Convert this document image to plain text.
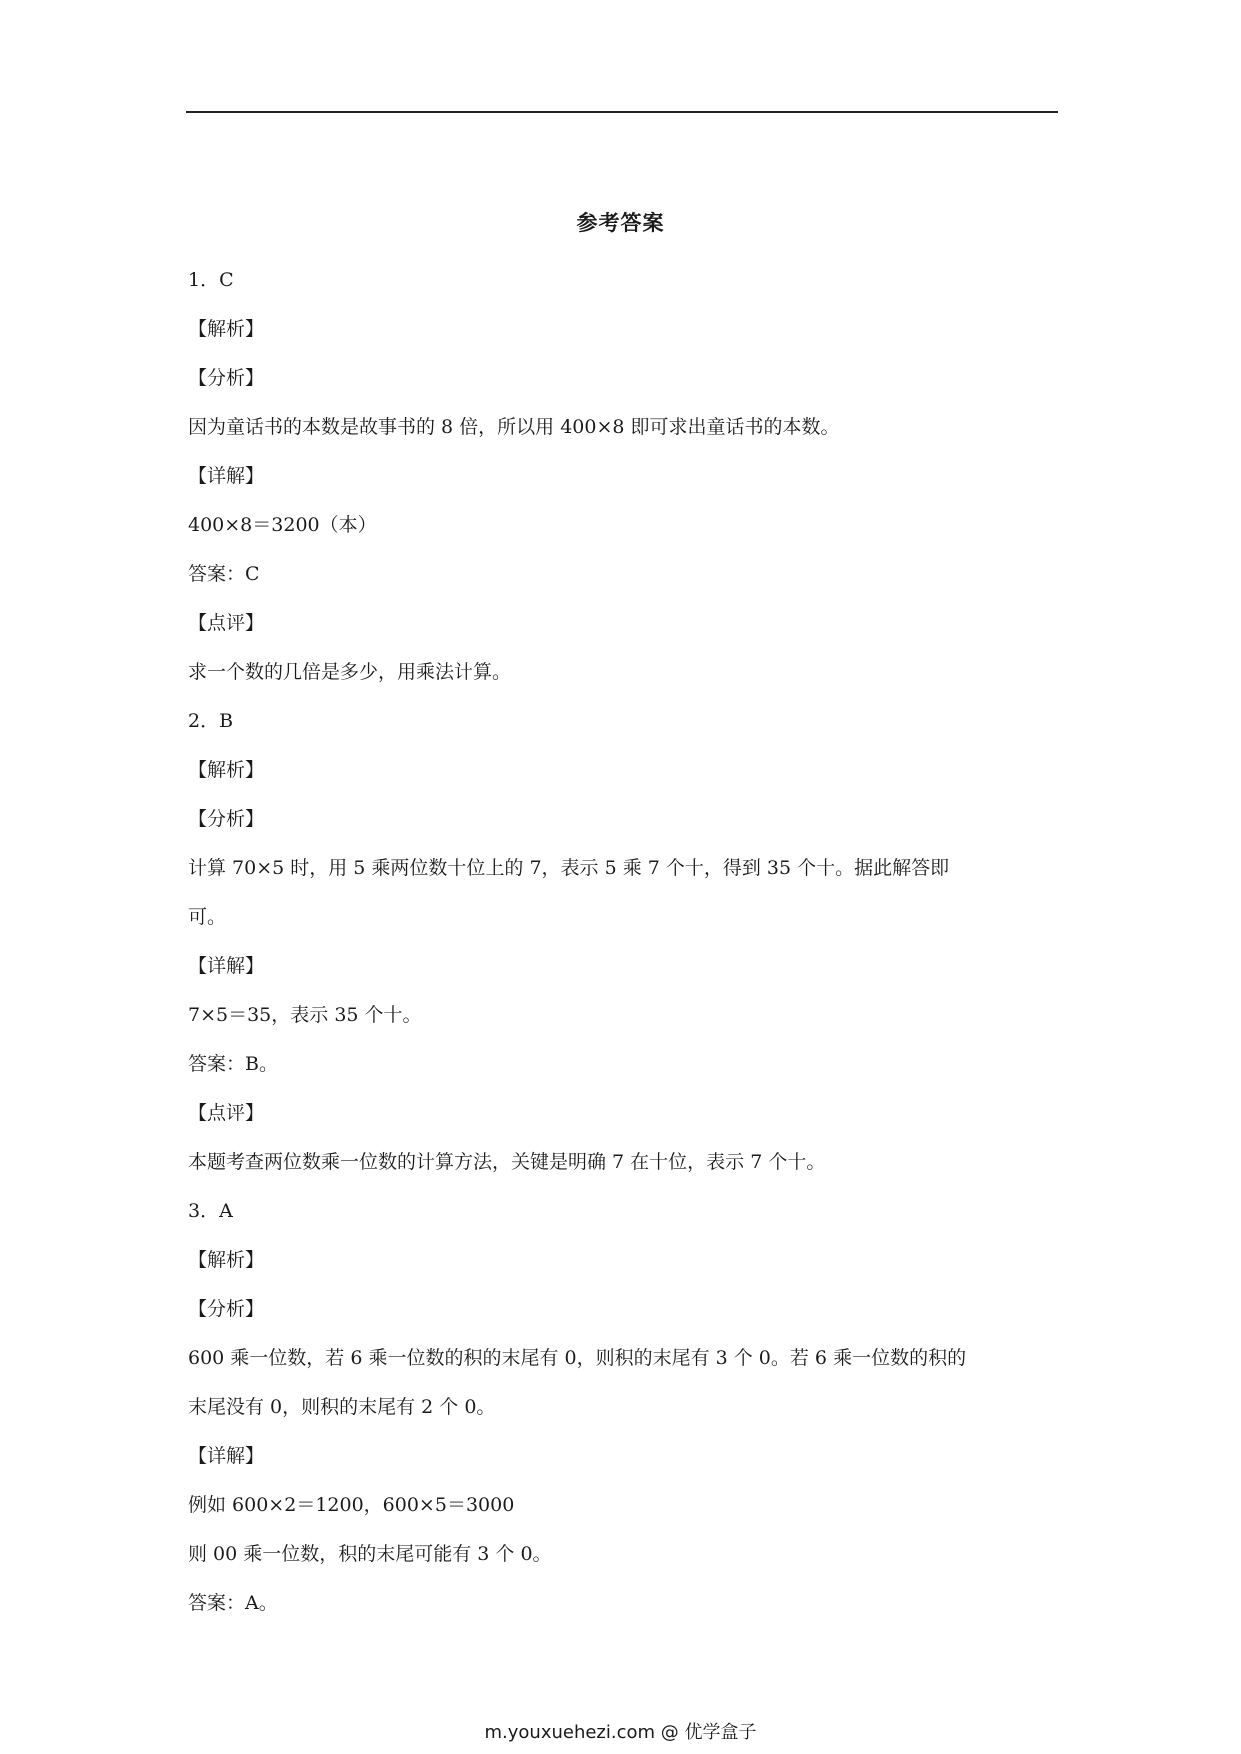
参考答案

1．C

【解析】

【分析】

因为童话书的本数是故事书的 8 倍，所以用 400×8 即可求出童话书的本数。

【详解】

400×8＝3200（本）

答案：C

【点评】

求一个数的几倍是多少，用乘法计算。

2．B

【解析】

【分析】

计算 70×5 时，用 5 乘两位数十位上的 7，表示 5 乘 7 个十，得到 35 个十。据此解答即

可。

【详解】

7×5＝35，表示 35 个十。

答案：B。

【点评】

本题考查两位数乘一位数的计算方法，关键是明确 7 在十位，表示 7 个十。

3．A

【解析】

【分析】

600 乘一位数，若 6 乘一位数的积的末尾有 0，则积的末尾有 3 个 0。若 6 乘一位数的积的

末尾没有 0，则积的末尾有 2 个 0。

【详解】

例如 600×2＝1200，600×5＝3000

则 00 乘一位数，积的末尾可能有 3 个 0。

答案：A。

m.youxuehezi.com @ 优学盒子
